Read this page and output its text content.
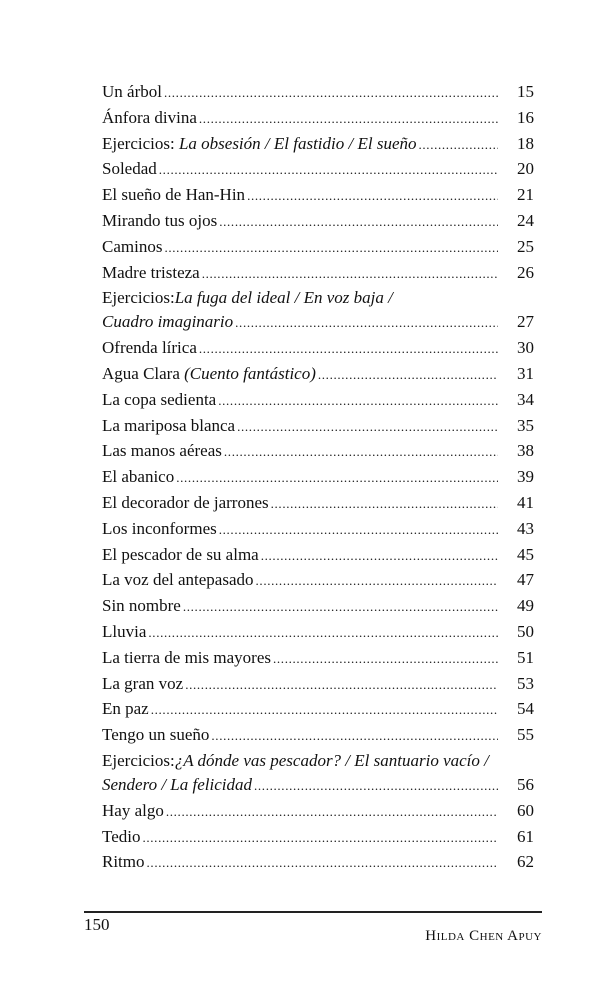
Un árbol . . .	15
Ánfora divina . . .	16
Ejercicios: La obsesión / El fastidio / El sueño . . .	18
Soledad . . .	20
El sueño de Han-Hin . . .	21
Mirando tus ojos . . .	24
Caminos . . .	25
Madre tristeza . . .	26
Ejercicios: La fuga del ideal / En voz baja /
Cuadro imaginario . . .	27
Ofrenda lírica . . .	30
Agua Clara (Cuento fantástico) . . .	31
La copa sedienta . . .	34
La mariposa blanca . . .	35
Las manos aéreas . . .	38
El abanico . . .	39
El decorador de jarrones . . .	41
Los inconformes . . .	43
El pescador de su alma . . .	45
La voz del antepasado . . .	47
Sin nombre . . .	49
Lluvia . . .	50
La tierra de mis mayores . . .	51
La gran voz . . .	53
En paz . . .	54
Tengo un sueño . . .	55
Ejercicios: ¿A dónde vas pescador? / El santuario vacío /
Sendero / La felicidad . . .	56
Hay algo . . .	60
Tedio . . .	61
Ritmo . . .	62
150
Hilda Chen Apuy
